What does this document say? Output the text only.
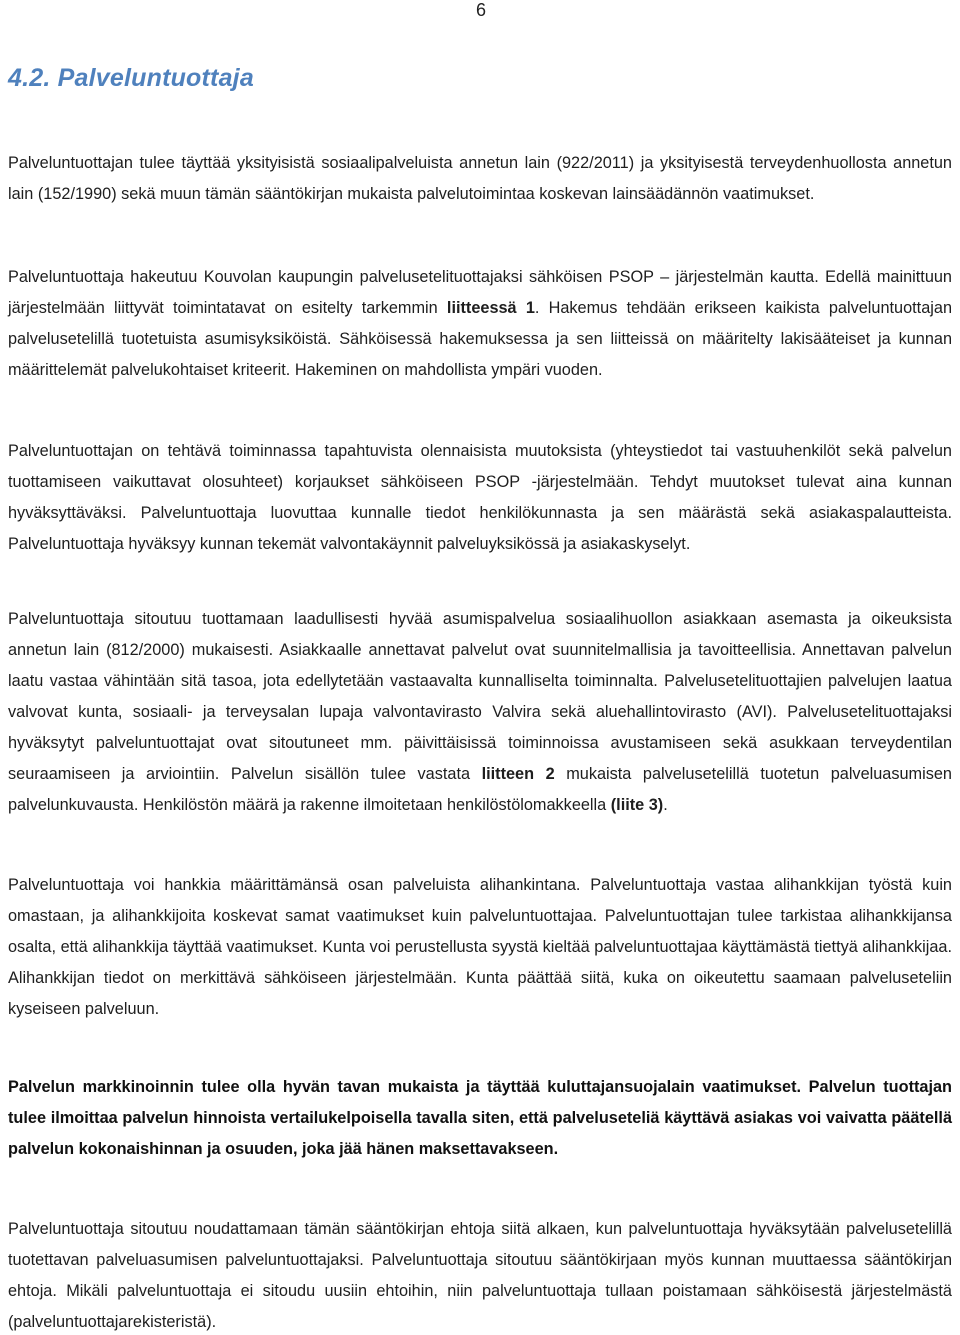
6
4.2. Palveluntuottaja

Palveluntuottajan tulee täyttää yksityisistä sosiaalipalveluista annetun lain (922/2011) ja yksityisestä terveydenhuollosta annetun lain (152/1990) sekä muun tämän sääntökirjan mukaista palvelutoimintaa koskevan lainsäädännön vaatimukset.

Palveluntuottaja hakeutuu Kouvolan kaupungin palvelusetelituottajaksi sähköisen PSOP – järjestelmän kautta. Edellä mainittuun järjestelmään liittyvät toimintatavat on esitelty tarkemmin liitteessä 1. Hakemus tehdään erikseen kaikista palveluntuottajan palvelusetelillä tuotetuista asumisyksiköistä. Sähköisessä hakemuksessa ja sen liitteissä on määritelty lakisääteiset ja kunnan määrittelemät palvelukohtaiset kriteerit. Hakeminen on mahdollista ympäri vuoden.

Palveluntuottajan on tehtävä toiminnassa tapahtuvista olennaisista muutoksista (yhteystiedot tai vastuuhenkilöt sekä palvelun tuottamiseen vaikuttavat olosuhteet) korjaukset sähköiseen PSOP -järjestelmään. Tehdyt muutokset tulevat aina kunnan hyväksyttäväksi. Palveluntuottaja luovuttaa kunnalle tiedot henkilökunnasta ja sen määrästä sekä asiakaspalautteista. Palveluntuottaja hyväksyy kunnan tekemät valvontakäynnit palveluyksikössä ja asiakaskyselyt.

Palveluntuottaja sitoutuu tuottamaan laadullisesti hyvää asumispalvelua sosiaalihuollon asiakkaan asemasta ja oikeuksista annetun lain (812/2000) mukaisesti. Asiakkaalle annettavat palvelut ovat suunnitelmallisia ja tavoitteellisia. Annettavan palvelun laatu vastaa vähintään sitä tasoa, jota edellytetään vastaavalta kunnalliselta toiminnalta. Palvelusetelituottajien palvelujen laatua valvovat kunta, sosiaali- ja terveysalan lupaja valvontavirasto Valvira sekä aluehallintovirasto (AVI). Palvelusetelituottajaksi hyväksytyt palveluntuottajat ovat sitoutuneet mm. päivittäisissä toiminnoissa avustamiseen sekä asukkaan terveydentilan seuraamiseen ja arviointiin. Palvelun sisällön tulee vastata liitteen 2 mukaista palvelusetelillä tuotetun palveluasumisen palvelunkuvausta. Henkilöstön määrä ja rakenne ilmoitetaan henkilöstölomakkeella (liite 3).

Palveluntuottaja voi hankkia määrittämänsä osan palveluista alihankintana. Palveluntuottaja vastaa alihankkijan työstä kuin omastaan, ja alihankkijoita koskevat samat vaatimukset kuin palveluntuottajaa. Palveluntuottajan tulee tarkistaa alihankkijansa osalta, että alihankkija täyttää vaatimukset. Kunta voi perustellusta syystä kieltää palveluntuottajaa käyttämästä tiettyä alihankkijaa. Alihankkijan tiedot on merkittävä sähköiseen järjestelmään. Kunta päättää siitä, kuka on oikeutettu saamaan palveluseteliin kyseiseen palveluun.

Palvelun markkinoinnin tulee olla hyvän tavan mukaista ja täyttää kuluttajansuojalain vaatimukset. Palvelun tuottajan tulee ilmoittaa palvelun hinnoista vertailukelpoisella tavalla siten, että palveluseteliä käyttävä asiakas voi vaivatta päätellä palvelun kokonaishinnan ja osuuden, joka jää hänen maksettavakseen.

Palveluntuottaja sitoutuu noudattamaan tämän sääntökirjan ehtoja siitä alkaen, kun palveluntuottaja hyväksytään palvelusetelillä tuotettavan palveluasumisen palveluntuottajaksi. Palveluntuottaja sitoutuu sääntökirjaan myös kunnan muuttaessa sääntökirjan ehtoja. Mikäli palveluntuottaja ei sitoudu uusiin ehtoihin, niin palveluntuottaja tullaan poistamaan sähköisestä järjestelmästä (palveluntuottajarekisteristä).
